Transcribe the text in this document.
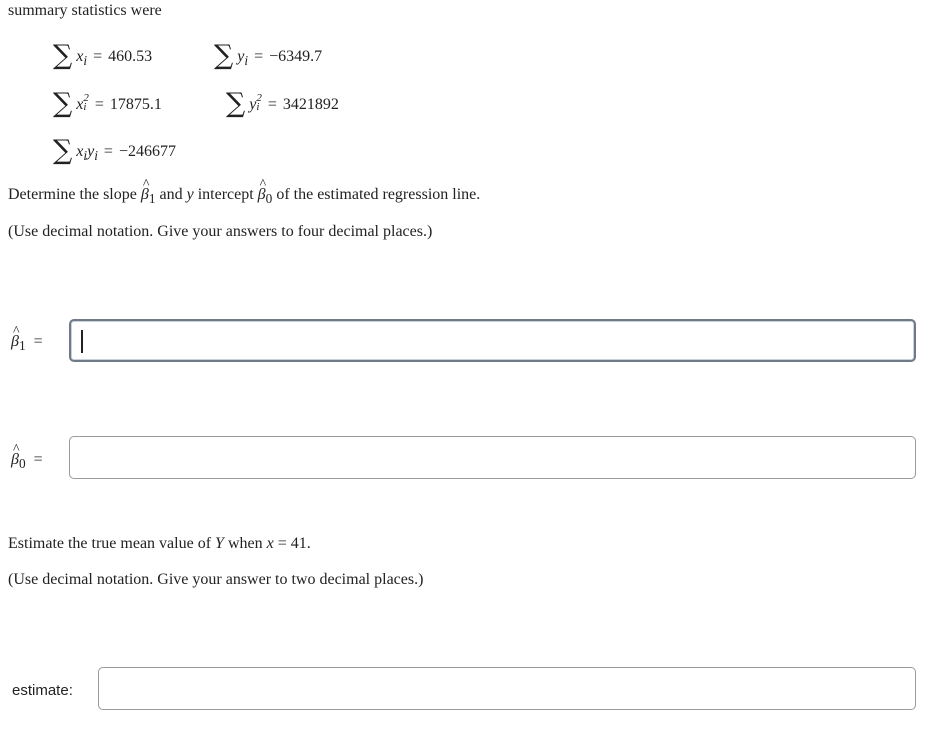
summary statistics were
∑ $x_i = 460.53$ ∑ $y_i = -6349.7$
∑ x 2
i = 17875.1 ∑ y 2
i = 3421892
∑ $x_iy_i = -246677$
Determine the slope ^ $\beta_1$ and y intercept ^ $\beta_0$ of the estimated regression line.
(Use decimal notation. Give your answers to four decimal places.)
^ $\beta_1$ =
^ $\beta_0$ =
Estimate the true mean value of Y when x = 41.
(Use decimal notation. Give your answer to two decimal places.)
estimate:
